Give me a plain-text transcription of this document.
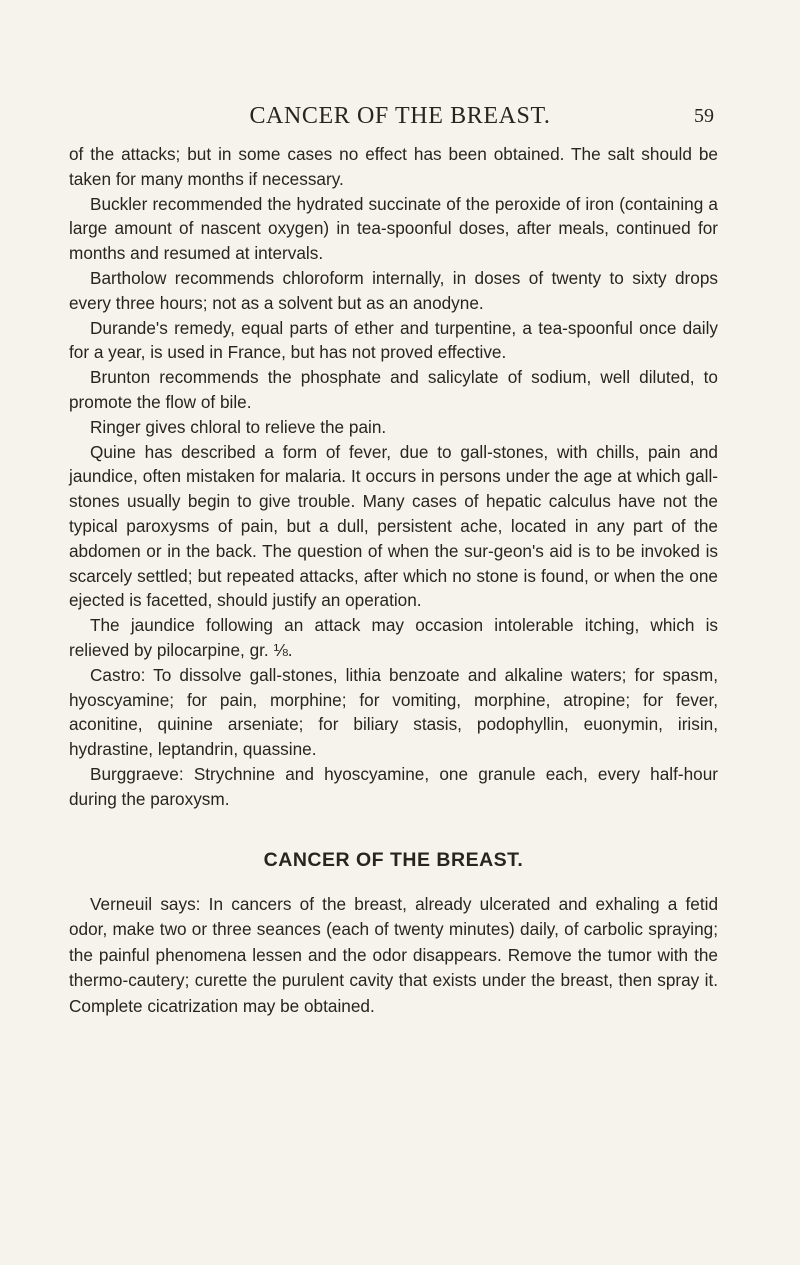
CANCER OF THE BREAST.	59

of the attacks; but in some cases no effect has been obtained. The salt should be taken for many months if necessary.

Buckler recommended the hydrated succinate of the peroxide of iron (containing a large amount of nascent oxygen) in tea-spoonful doses, after meals, continued for months and resumed at intervals.

Bartholow recommends chloroform internally, in doses of twenty to sixty drops every three hours; not as a solvent but as an anodyne.

Durande's remedy, equal parts of ether and turpentine, a tea-spoonful once daily for a year, is used in France, but has not proved effective.

Brunton recommends the phosphate and salicylate of sodium, well diluted, to promote the flow of bile.

Ringer gives chloral to relieve the pain.

Quine has described a form of fever, due to gall-stones, with chills, pain and jaundice, often mistaken for malaria. It occurs in persons under the age at which gall-stones usually begin to give trouble. Many cases of hepatic calculus have not the typical paroxysms of pain, but a dull, persistent ache, located in any part of the abdomen or in the back. The question of when the sur-geon's aid is to be invoked is scarcely settled; but repeated attacks, after which no stone is found, or when the one ejected is facetted, should justify an operation.

The jaundice following an attack may occasion intolerable itching, which is relieved by pilocarpine, gr. ⅛.

Castro: To dissolve gall-stones, lithia benzoate and alkaline waters; for spasm, hyoscyamine; for pain, morphine; for vomiting, morphine, atropine; for fever, aconitine, quinine arseniate; for biliary stasis, podophyllin, euonymin, irisin, hydrastine, leptandrin, quassine.

Burggraeve: Strychnine and hyoscyamine, one granule each, every half-hour during the paroxysm.

CANCER OF THE BREAST.

Verneuil says: In cancers of the breast, already ulcerated and exhaling a fetid odor, make two or three seances (each of twenty minutes) daily, of carbolic spraying; the painful phenomena lessen and the odor disappears. Remove the tumor with the thermo-cautery; curette the purulent cavity that exists under the breast, then spray it. Complete cicatrization may be obtained.
